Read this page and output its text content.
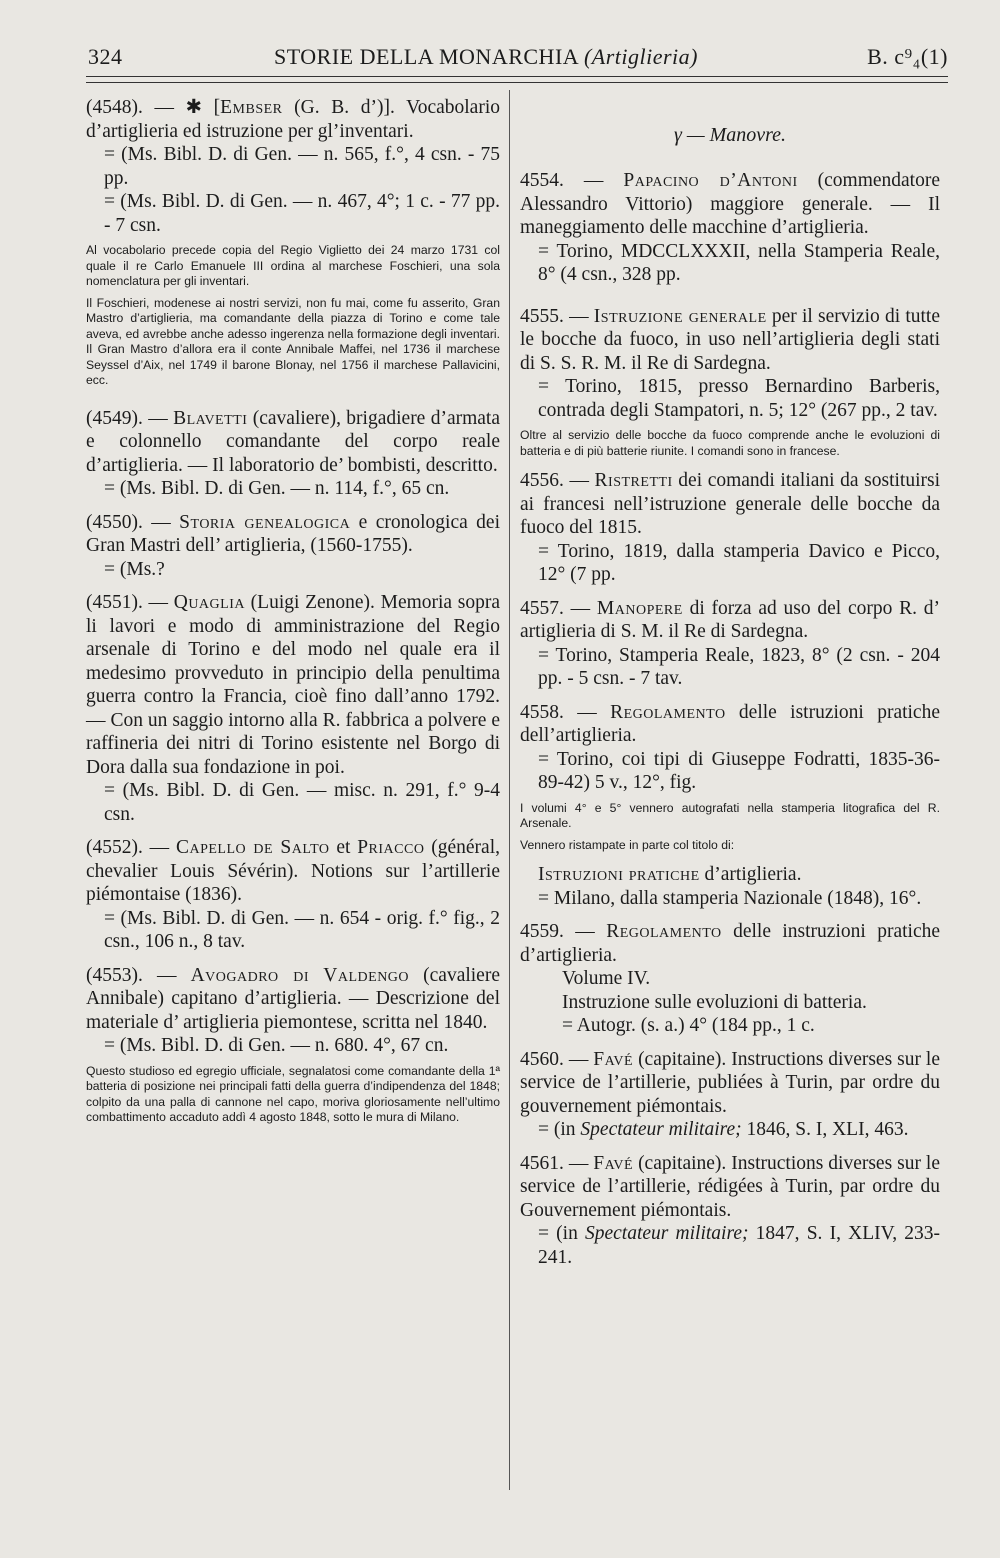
324	STORIE DELLA MONARCHIA (Artiglieria)	B. c⁹₄(1)

(4548). — ✱ [Embser (G. B. d’)]. Vocabolario d’artiglieria ed istruzione per gl’inventari.

= (Ms. Bibl. D. di Gen. — n. 565, f.°, 4 csn. - 75 pp.

= (Ms. Bibl. D. di Gen. — n. 467, 4°; 1 c. - 77 pp. - 7 csn.

Al vocabolario precede copia del Regio Viglietto dei 24 marzo 1731 col quale il re Carlo Emanuele III ordina al marchese Foschieri, una sola nomenclatura per gli inventari.

Il Foschieri, modenese ai nostri servizi, non fu mai, come fu asserito, Gran Mastro d’artiglieria, ma comandante della piazza di Torino e come tale aveva, ed avrebbe anche adesso ingerenza nella formazione degli inventari. Il Gran Mastro d’allora era il conte Annibale Maffei, nel 1736 il marchese Seyssel d’Aix, nel 1749 il barone Blonay, nel 1756 il marchese Pallavicini, ecc.

(4549). — Blavetti (cavaliere), brigadiere d’armata e colonnello comandante del corpo reale d’artiglieria. — Il laboratorio de’ bombisti, descritto.

= (Ms. Bibl. D. di Gen. — n. 114, f.°, 65 cn.

(4550). — Storia genealogica e cronologica dei Gran Mastri dell’ artiglieria, (1560-1755).

= (Ms.?

(4551). — Quaglia (Luigi Zenone). Memoria sopra li lavori e modo di amministrazione del Regio arsenale di Torino e del modo nel quale era il medesimo provveduto in principio della penultima guerra contro la Francia, cioè fino dall’anno 1792. — Con un saggio intorno alla R. fabbrica a polvere e raffineria dei nitri di Torino esistente nel Borgo di Dora dalla sua fondazione in poi.

= (Ms. Bibl. D. di Gen. — misc. n. 291, f.° 9-4 csn.

(4552). — Capello de Salto et Priacco (général, chevalier Louis Sévérin). Notions sur l’artillerie piémontaise (1836).

= (Ms. Bibl. D. di Gen. — n. 654 - orig. f.° fig., 2 csn., 106 n., 8 tav.

(4553). — Avogadro di Valdengo (cavaliere Annibale) capitano d’artiglieria. — Descrizione del materiale d’ artiglieria piemontese, scritta nel 1840.

= (Ms. Bibl. D. di Gen. — n. 680. 4°, 67 cn.

Questo studioso ed egregio ufficiale, segnalatosi come comandante della 1ª batteria di posizione nei principali fatti della guerra d’indipendenza del 1848; colpito da una palla di cannone nel capo, moriva gloriosamente nell’ultimo combattimento accaduto addì 4 agosto 1848, sotto le mura di Milano.

γ — Manovre.

4554. — Papacino d’Antoni (commendatore Alessandro Vittorio) maggiore generale. — Il maneggiamento delle macchine d’artiglieria.

= Torino, MDCCLXXXII, nella Stamperia Reale, 8° (4 csn., 328 pp.

4555. — Istruzione generale per il servizio di tutte le bocche da fuoco, in uso nell’artiglieria degli stati di S. S. R. M. il Re di Sardegna.

= Torino, 1815, presso Bernardino Barberis, contrada degli Stampatori, n. 5; 12° (267 pp., 2 tav.

Oltre al servizio delle bocche da fuoco comprende anche le evoluzioni di batteria e di più batterie riunite. I comandi sono in francese.

4556. — Ristretti dei comandi italiani da sostituirsi ai francesi nell’istruzione generale delle bocche da fuoco del 1815.

= Torino, 1819, dalla stamperia Davico e Picco, 12° (7 pp.

4557. — Manopere di forza ad uso del corpo R. d’ artiglieria di S. M. il Re di Sardegna.

= Torino, Stamperia Reale, 1823, 8° (2 csn. - 204 pp. - 5 csn. - 7 tav.

4558. — Regolamento delle istruzioni pratiche dell’artiglieria.

= Torino, coi tipi di Giuseppe Fodratti, 1835-36-89-42) 5 v., 12°, fig.

I volumi 4° e 5° vennero autografati nella stamperia litografica del R. Arsenale.

Vennero ristampate in parte col titolo di:

Istruzioni pratiche d’artiglieria.

= Milano, dalla stamperia Nazionale (1848), 16°.

4559. — Regolamento delle instruzioni pratiche d’artiglieria.

Volume IV.

Instruzione sulle evoluzioni di batteria.

= Autogr. (s. a.) 4° (184 pp., 1 c.

4560. — Favé (capitaine). Instructions diverses sur le service de l’artillerie, publiées à Turin, par ordre du gouvernement piémontais.

= (in Spectateur militaire; 1846, S. I, XLI, 463.

4561. — Favé (capitaine). Instructions diverses sur le service de l’artillerie, rédigées à Turin, par ordre du Gouvernement piémontais.

= (in Spectateur militaire; 1847, S. I, XLIV, 233-241.
